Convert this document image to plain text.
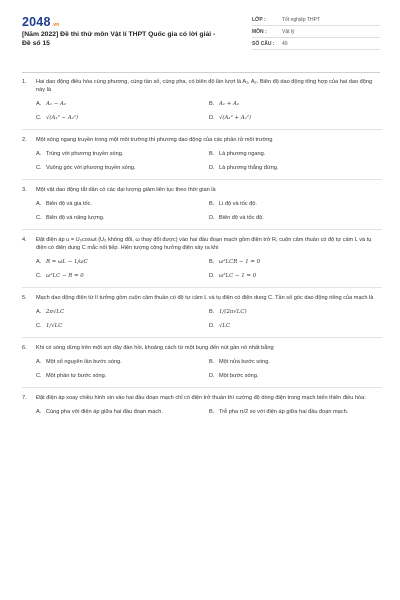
2048.vn
[Năm 2022] Đề thi thử môn Vật lí THPT Quốc gia có lời giải - Đề số 15
LỚP :	Tốt nghiệp THPT
MÔN :	Vật lý
SỐ CÂU :	40
1.	Hai dao động điều hòa cùng phương, cùng tần số, cùng pha, có biên độ lần lượt là A₁, A₂. Biên độ dao động tổng hợp của hai dao động này là
A. A₁ − A₂	B. A₁ + A₂
C. √(A₁² − A₂²)	D. √(A₁² + A₂²)
2.	Một sóng ngang truyền trong một môi trường thì phương dao động của các phần tử môi trường
A. Trùng với phương truyền sóng.	B. Là phương ngang.
C. Vuông góc với phương truyền sóng.	D. Là phương thẳng đứng.
3.	Một vật dao động tắt dần có các đại lượng giảm liên tục theo thời gian là
A. Biên độ và gia tốc.	B. Li độ và tốc độ.
C. Biên độ và năng lượng.	D. Biên độ và tốc độ.
4.	Đặt điện áp u = U₀cosωt (U₀ không đổi, ω thay đổi được) vào hai đầu đoạn mạch gồm điện trở R, cuộn cảm thuần có độ tự cảm L và tụ điện có điện dung C mắc nối tiếp. Hiện tượng cộng hưởng điện xảy ra khi
A. R = ωL − 1/ωC	B. ω²LCR − 1 = 0
C. ω²LC − R = 0	D. ω²LC − 1 = 0
5.	Mạch dao động điện từ lí tưởng gồm cuộn cảm thuần có độ tự cảm L và tụ điện có điện dung C. Tần số góc dao động riêng của mạch là
A. 2π√LC	B. 1/(2π√LC)
C. 1/√LC	D. √LC
6.	Khi có sóng dừng trên một sợi dây đàn hồi, khoảng cách từ một bụng đến nút gần nó nhất bằng
A. Một số nguyên lần bước sóng.	B. Một nửa bước sóng.
C. Một phần tư bước sóng.	D. Một bước sóng.
7.	Đặt điện áp xoay chiều hình sin vào hai đầu đoạn mạch chỉ có điện trở thuần thì cường độ dòng điện trong mạch biến thiên điều hòa:
A. Cùng pha với điện áp giữa hai đầu đoạn mạch.	B. Trễ pha π/2 so với điện áp giữa hai đầu đoạn mạch.
